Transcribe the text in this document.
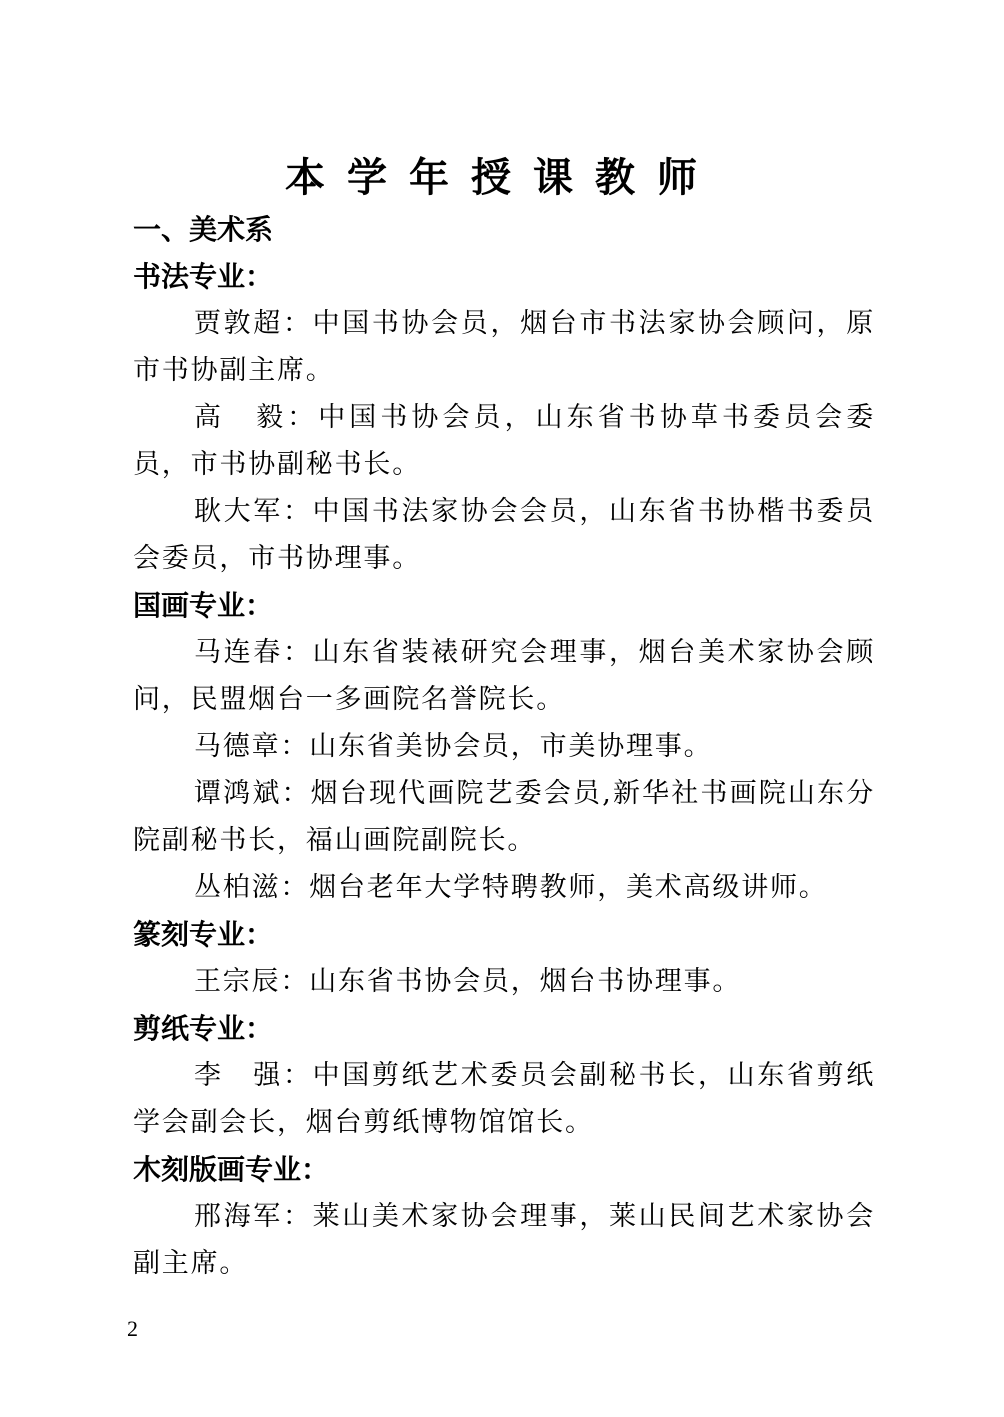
本学年授课教师
一、美术系
书法专业：
贾敦超：中国书协会员，烟台市书法家协会顾问，原市书协副主席。
高　毅：中国书协会员，山东省书协草书委员会委员，市书协副秘书长。
耿大军：中国书法家协会会员，山东省书协楷书委员会委员，市书协理事。
国画专业：
马连春：山东省装裱研究会理事，烟台美术家协会顾问，民盟烟台一多画院名誉院长。
马德章：山东省美协会员，市美协理事。
谭鸿斌：烟台现代画院艺委会员,新华社书画院山东分院副秘书长，福山画院副院长。
丛柏滋：烟台老年大学特聘教师，美术高级讲师。
篆刻专业：
王宗辰：山东省书协会员，烟台书协理事。
剪纸专业：
李　强：中国剪纸艺术委员会副秘书长，山东省剪纸学会副会长，烟台剪纸博物馆馆长。
木刻版画专业：
邢海军：莱山美术家协会理事，莱山民间艺术家协会副主席。
2
